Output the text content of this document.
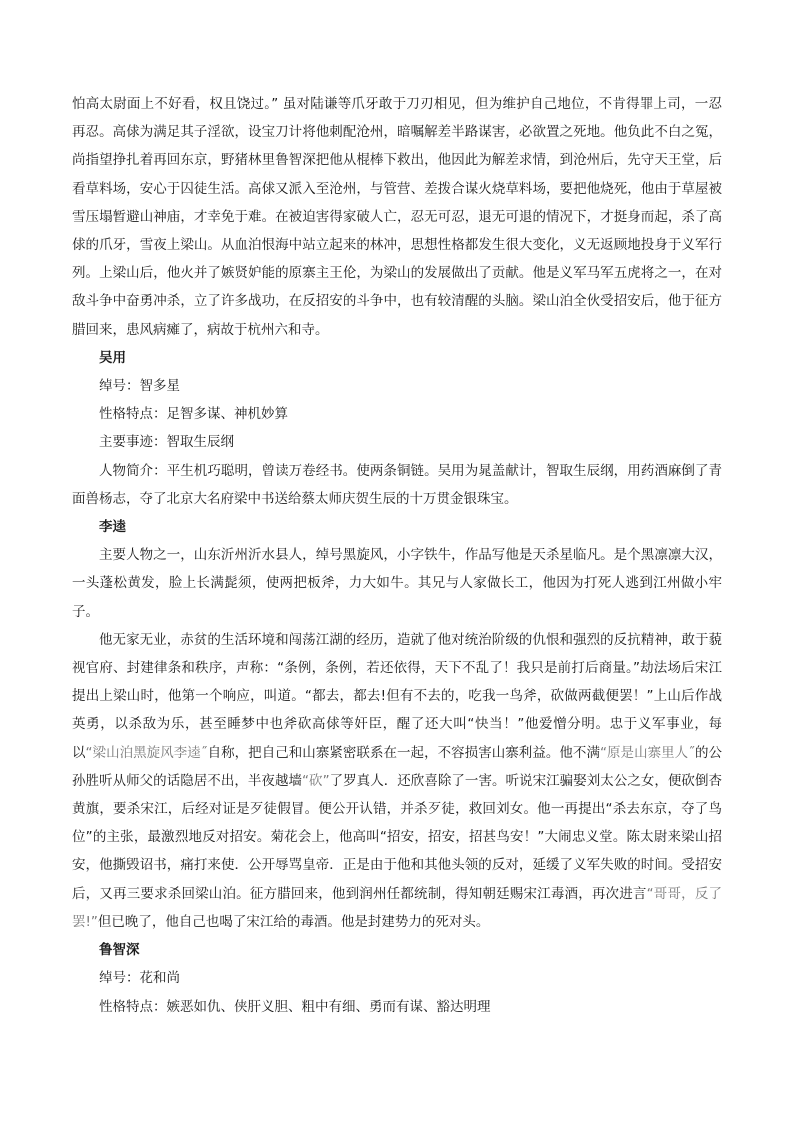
怕高太尉面上不好看，权且饶过。” 虽对陆谦等爪牙敢于刀刃相见，但为维护自己地位，不肯得罪上司，一忍再忍。高俅为满足其子淫欲，设宝刀计将他刺配沧州，暗嘱解差半路谋害，必欲置之死地。他负此不白之冤，尚指望挣扎着再回东京，野猪林里鲁智深把他从棍棒下救出，他因此为解差求情，到沧州后，先守天王堂，后看草料场，安心于囚徒生活。高俅又派入至沧州，与管营、差拨合谋火烧草料场，要把他烧死，他由于草屋被雪压塌暂避山神庙，才幸免于难。在被迫害得家破人亡，忍无可忍，退无可退的情况下，才挺身而起，杀了高俅的爪牙，雪夜上梁山。从血泊恨海中站立起来的林冲，思想性格都发生很大变化，义无返顾地投身于义军行列。上梁山后，他火并了嫉贤妒能的原寨主王伦，为梁山的发展做出了贡献。他是义军马军五虎将之一，在对敌斗争中奋勇冲杀，立了许多战功，在反招安的斗争中，也有较清醒的头脑。梁山泊全伙受招安后，他于征方腊回来，患风病瘫了，病故于杭州六和寺。

吴用

绰号：智多星

性格特点：足智多谋、神机妙算

主要事迹：智取生辰纲

人物简介：平生机巧聪明，曾读万卷经书。使两条铜链。吴用为晁盖献计，智取生辰纲，用药酒麻倒了青面兽杨志，夺了北京大名府梁中书送给蔡太师庆贺生辰的十万贯金银珠宝。

李逵

主要人物之一，山东沂州沂水县人，绰号黑旋风，小字铁牛，作品写他是天杀星临凡。是个黑凛凛大汉，一头蓬松黄发，脸上长满髭须，使两把板斧，力大如牛。其兄与人家做长工，他因为打死人逃到江州做小牢子。

他无家无业，赤贫的生活环境和闯荡江湖的经历，造就了他对统治阶级的仇恨和强烈的反抗精神，敢于藐视官府、封建律条和秩序，声称：“条例，条例，若还依得，天下不乱了！我只是前打后商量。”劫法场后宋江提出上梁山时，他第一个响应，叫道。“都去，都去!但有不去的，吃我一鸟斧，砍做两截便罢！”上山后作战英勇，以杀敌为乐，甚至睡梦中也斧砍高俅等奸臣，醒了还大叫“快当！”他爱憎分明。忠于义军事业，每以“梁山泊黑旋风李逵˝自称，把自己和山寨紧密联系在一起，不容损害山寨利益。他不满“原是山寨里人˝的公孙胜听从师父的话隐居不出，半夜越墙“砍”了罗真人．还欣喜除了一害。听说宋江骗娶刘太公之女，便砍倒杏黄旗，要杀宋江，后经对证是歹徒假冒。便公开认错，并杀歹徒，救回刘女。他一再提出“杀去东京，夺了鸟位”的主张，最激烈地反对招安。菊花会上，他高叫“招安，招安，招甚鸟安！”大闹忠义堂。陈太尉来梁山招安，他撕毁诏书，痛打来使．公开辱骂皇帝．正是由于他和其他头领的反对，延缓了义军失败的时间。受招安后，又再三要求杀回梁山泊。征方腊回来，他到润州任都统制，得知朝廷赐宋江毒酒，再次进言“哥哥，反了罢!”但已晚了，他自己也喝了宋江给的毒酒。他是封建势力的死对头。

鲁智深

绰号：花和尚

性格特点：嫉恶如仇、侠肝义胆、粗中有细、勇而有谋、豁达明理
